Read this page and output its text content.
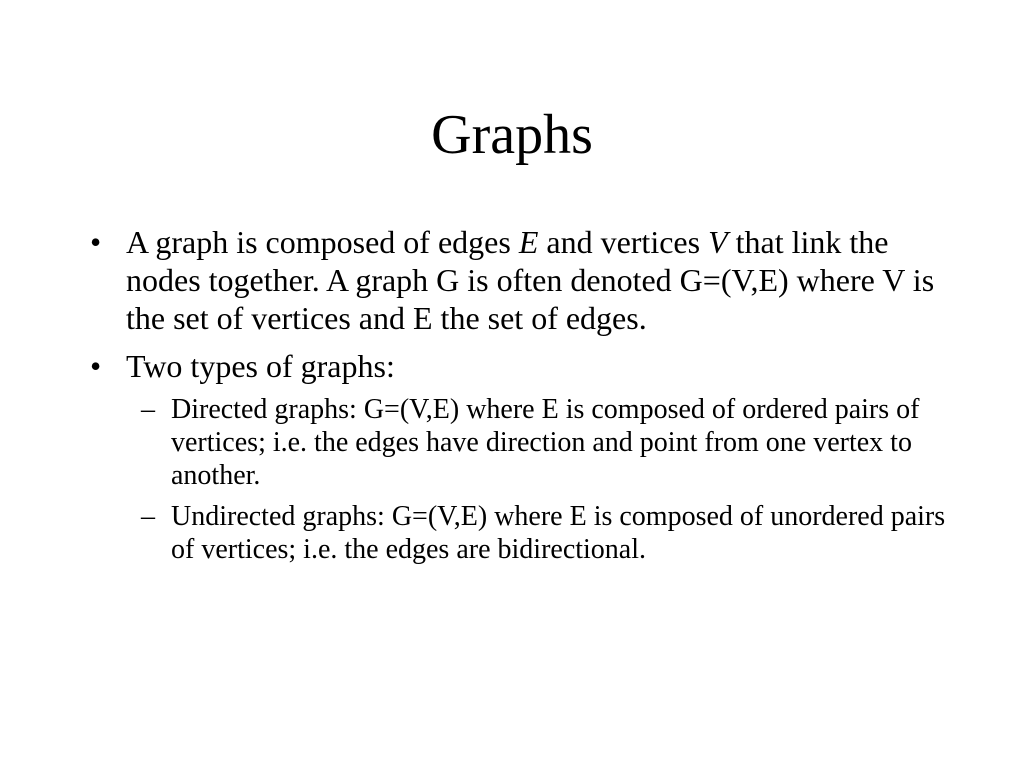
Graphs
• A graph is composed of edges E and vertices V that link the nodes together. A graph G is often denoted G=(V,E) where V is the set of vertices and E the set of edges.
• Two types of graphs:
– Directed graphs: G=(V,E) where E is composed of ordered pairs of vertices; i.e. the edges have direction and point from one vertex to another.
– Undirected graphs: G=(V,E) where E is composed of unordered pairs of vertices; i.e. the edges are bidirectional.
